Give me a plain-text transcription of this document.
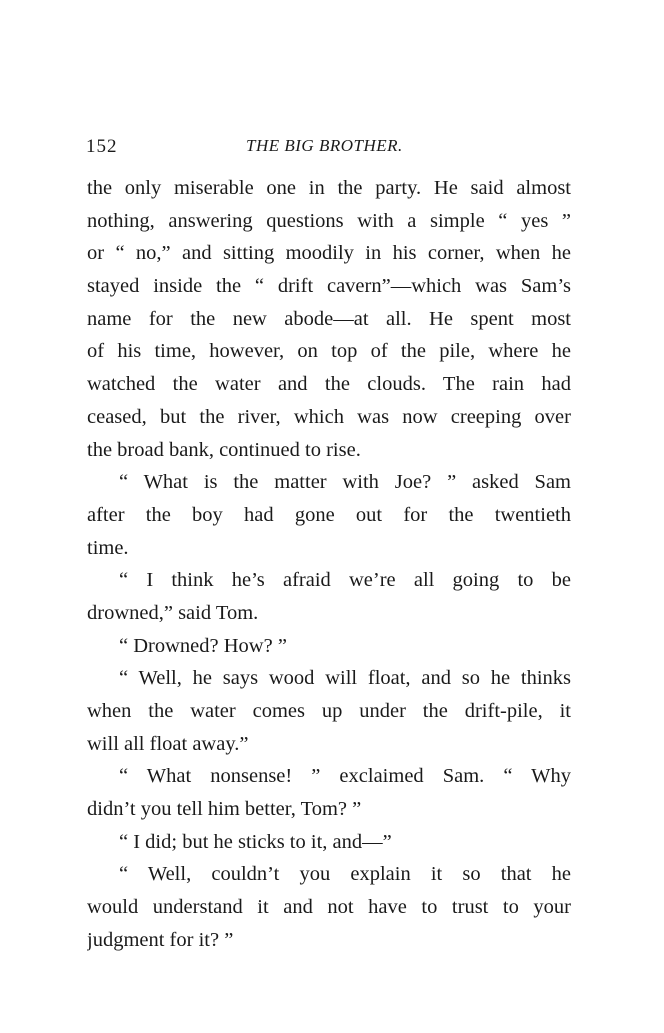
152	THE BIG BROTHER.
the only miserable one in the party. He said almost
nothing, answering questions with a simple “ yes ”
or “ no,” and sitting moodily in his corner, when he
stayed inside the “ drift cavern”—which was Sam’s
name for the new abode—at all. He spent most
of his time, however, on top of the pile, where he
watched the water and the clouds. The rain had
ceased, but the river, which was now creeping over
the broad bank, continued to rise.
“ What is the matter with Joe? ” asked Sam
after the boy had gone out for the twentieth
time.
“ I think he’s afraid we’re all going to be
drowned,” said Tom.
“ Drowned? How? ”
“ Well, he says wood will float, and so he thinks
when the water comes up under the drift-pile, it
will all float away.”
“ What nonsense! ” exclaimed Sam. “ Why
didn’t you tell him better, Tom? ”
“ I did; but he sticks to it, and—”
“ Well, couldn’t you explain it so that he
would understand it and not have to trust to your
judgment for it? ”
